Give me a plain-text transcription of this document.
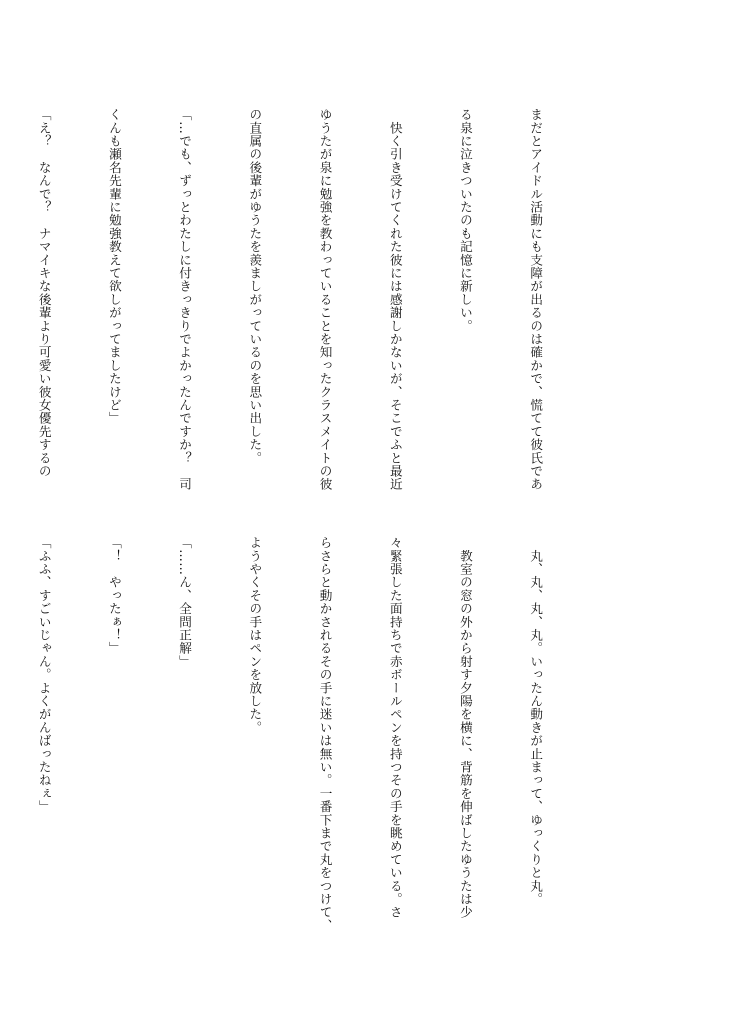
まだとアイドル活動にも支障が出るのは確かで、慌てて彼氏であ

る泉に泣きついたのも記憶に新しい。

　快く引き受けてくれた彼には感謝しかないが、そこでふと最近

ゆうたが泉に勉強を教わっていることを知ったクラスメイトの彼

の直属の後輩がゆうたを羨ましがっているのを思い出した。

「…でも、ずっとわたしに付きっきりでよかったんですか？　司

くんも瀬名先輩に勉強教えて欲しがってましたけど」

「え？　なんで？　ナマイキな後輩より可愛い彼女優先するの

　丸、丸、丸、丸。いったん動きが止まって、ゆっくりと丸。

　教室の窓の外から射す夕陽を横に、背筋を伸ばしたゆうたは少

々緊張した面持ちで赤ボールペンを持つその手を眺めている。さ

らさらと動かされるその手に迷いは無い。一番下まで丸をつけて、

ようやくその手はペンを放した。

「……ん、全問正解」

「！　やったぁ！」

「ふふ、すごいじゃん。よくがんばったねぇ」
